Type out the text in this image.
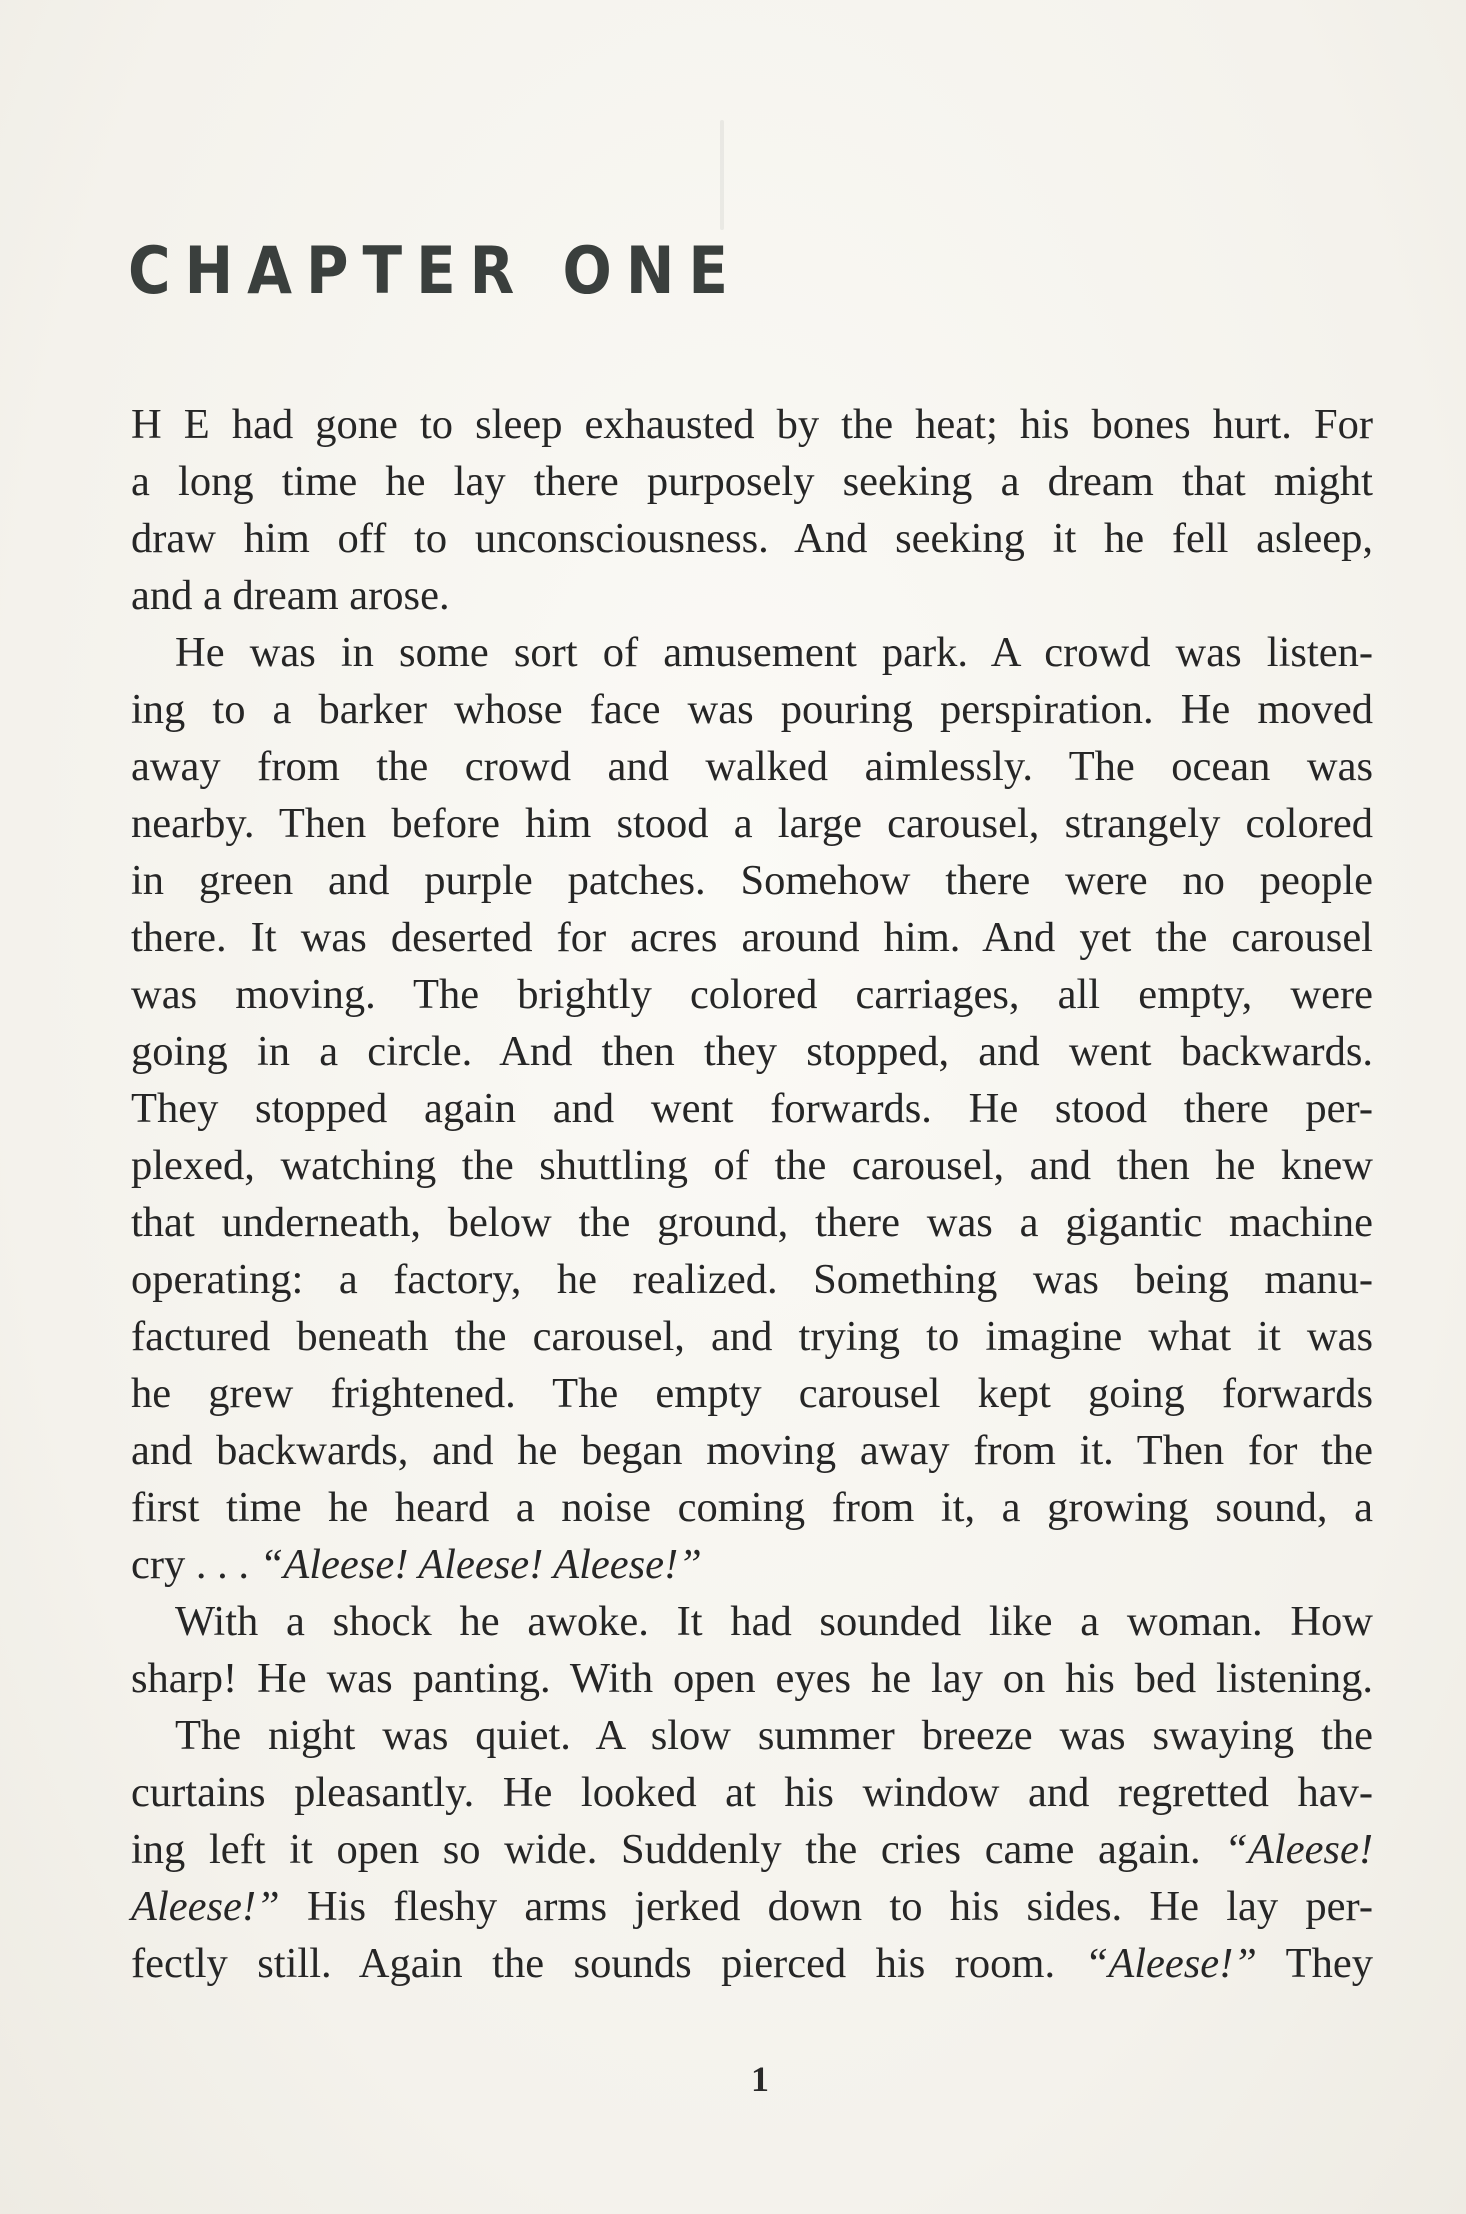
CHAPTER ONE
H E had gone to sleep exhausted by the heat; his bones hurt. For
a long time he lay there purposely seeking a dream that might
draw him off to unconsciousness. And seeking it he fell asleep,
and a dream arose.
He was in some sort of amusement park. A crowd was listen-
ing to a barker whose face was pouring perspiration. He moved
away from the crowd and walked aimlessly. The ocean was
nearby. Then before him stood a large carousel, strangely colored
in green and purple patches. Somehow there were no people
there. It was deserted for acres around him. And yet the carousel
was moving. The brightly colored carriages, all empty, were
going in a circle. And then they stopped, and went backwards.
They stopped again and went forwards. He stood there per-
plexed, watching the shuttling of the carousel, and then he knew
that underneath, below the ground, there was a gigantic machine
operating: a factory, he realized. Something was being manu-
factured beneath the carousel, and trying to imagine what it was
he grew frightened. The empty carousel kept going forwards
and backwards, and he began moving away from it. Then for the
first time he heard a noise coming from it, a growing sound, a
cry . . . “Aleese! Aleese! Aleese!”
With a shock he awoke. It had sounded like a woman. How
sharp! He was panting. With open eyes he lay on his bed listening.
The night was quiet. A slow summer breeze was swaying the
curtains pleasantly. He looked at his window and regretted hav-
ing left it open so wide. Suddenly the cries came again. “Aleese!
Aleese!” His fleshy arms jerked down to his sides. He lay per-
fectly still. Again the sounds pierced his room. “Aleese!” They
1
